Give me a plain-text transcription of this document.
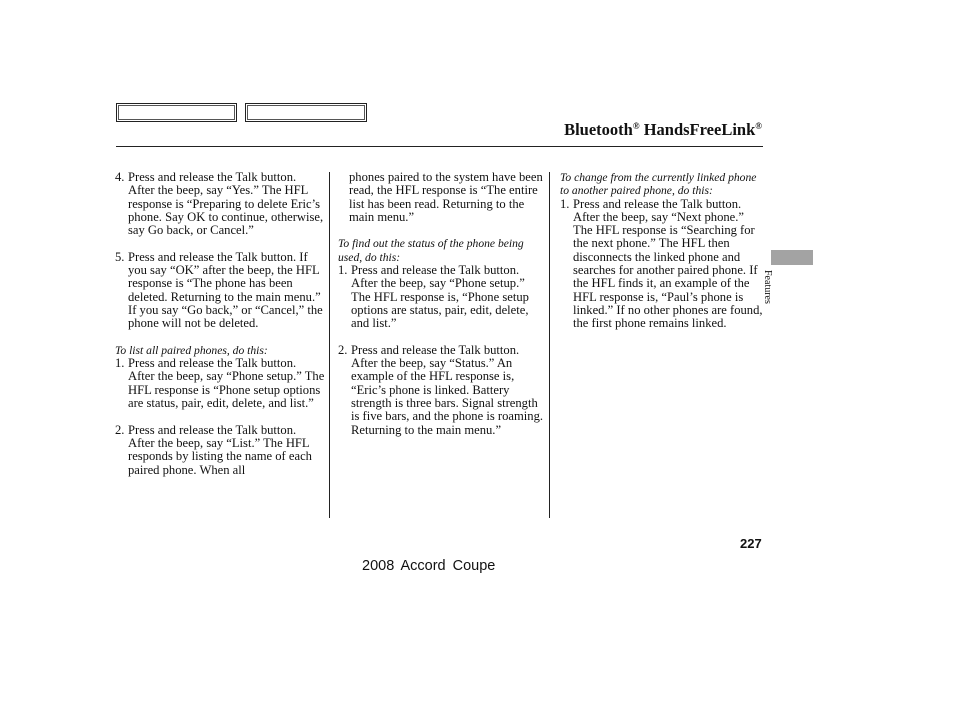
Bluetooth® HandsFreeLink®

4. Press and release the Talk button. After the beep, say “Yes.” The HFL response is “Preparing to delete Eric’s phone. Say OK to continue, otherwise, say Go back, or Cancel.”

5. Press and release the Talk button. If you say “OK” after the beep, the HFL response is “The phone has been deleted. Returning to the main menu.” If you say “Go back,” or “Cancel,” the phone will not be deleted.

To list all paired phones, do this:

1. Press and release the Talk button. After the beep, say “Phone setup.” The HFL response is “Phone setup options are status, pair, edit, delete, and list.”

2. Press and release the Talk button. After the beep, say “List.” The HFL responds by listing the name of each paired phone. When all

phones paired to the system have been read, the HFL response is “The entire list has been read. Returning to the main menu.”

To find out the status of the phone being used, do this:

1. Press and release the Talk button. After the beep, say “Phone setup.” The HFL response is, “Phone setup options are status, pair, edit, delete, and list.”

2. Press and release the Talk button. After the beep, say “Status.” An example of the HFL response is, “Eric’s phone is linked. Battery strength is three bars. Signal strength is five bars, and the phone is roaming. Returning to the main menu.”

To change from the currently linked phone to another paired phone, do this:

1. Press and release the Talk button. After the beep, say “Next phone.” The HFL response is “Searching for the next phone.” The HFL then disconnects the linked phone and searches for another paired phone. If the HFL finds it, an example of the HFL response is, “Paul’s phone is linked.” If no other phones are found, the first phone remains linked.

Features
227
2008 Accord Coupe
